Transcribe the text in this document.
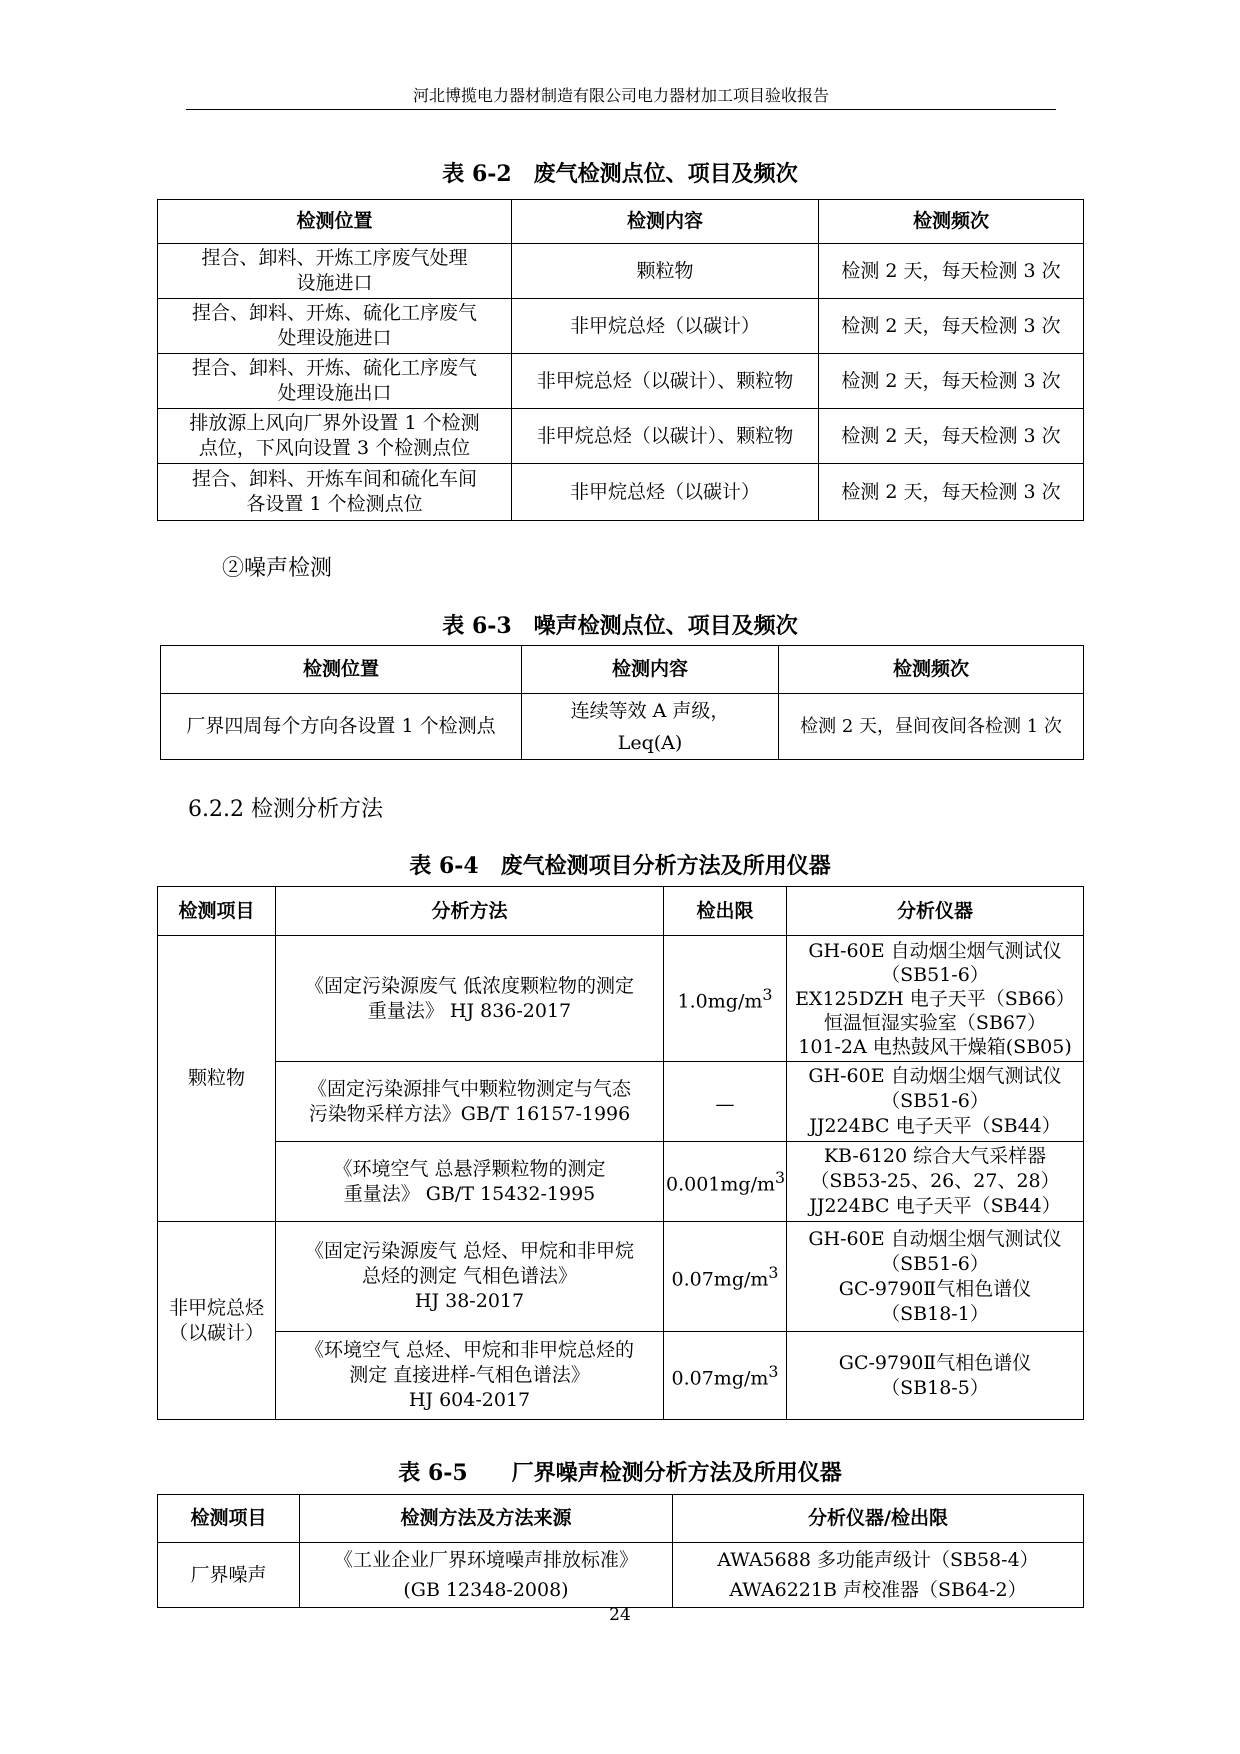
河北博揽电力器材制造有限公司电力器材加工项目验收报告
表 6-2　废气检测点位、项目及频次
检测位置	检测内容	检测频次
捏合、卸料、开炼工序废气处理
设施进口	颗粒物	检测 2 天，每天检测 3 次
捏合、卸料、开炼、硫化工序废气
处理设施进口	非甲烷总烃（以碳计）	检测 2 天，每天检测 3 次
捏合、卸料、开炼、硫化工序废气
处理设施出口	非甲烷总烃（以碳计）、颗粒物	检测 2 天，每天检测 3 次
排放源上风向厂界外设置 1 个检测
点位，下风向设置 3 个检测点位	非甲烷总烃（以碳计）、颗粒物	检测 2 天，每天检测 3 次
捏合、卸料、开炼车间和硫化车间
各设置 1 个检测点位	非甲烷总烃（以碳计）	检测 2 天，每天检测 3 次
②噪声检测
表 6-3　噪声检测点位、项目及频次
检测位置	检测内容	检测频次
厂界四周每个方向各设置 1 个检测点	连续等效 A 声级，
Leq(A)	检测 2 天，昼间夜间各检测 1 次
6.2.2 检测分析方法
表 6-4　废气检测项目分析方法及所用仪器
检测项目	分析方法	检出限	分析仪器
颗粒物	《固定污染源废气 低浓度颗粒物的测定
重量法》 HJ 836-2017	$1.0mg/m^3$	GH-60E 自动烟尘烟气测试仪
（SB51-6）
EX125DZH 电子天平（SB66）
恒温恒湿实验室（SB67）
101-2A 电热鼓风干燥箱(SB05)
	《固定污染源排气中颗粒物测定与气态
污染物采样方法》GB/T 16157-1996	—	GH-60E 自动烟尘烟气测试仪
（SB51-6）
JJ224BC 电子天平（SB44）
	《环境空气 总悬浮颗粒物的测定
重量法》 GB/T 15432-1995	$0.001mg/m^3$	KB-6120 综合大气采样器
（SB53-25、26、27、28）
JJ224BC 电子天平（SB44）
非甲烷总烃
（以碳计）	《固定污染源废气 总烃、甲烷和非甲烷
总烃的测定 气相色谱法》
HJ 38-2017	$0.07mg/m^3$	GH-60E 自动烟尘烟气测试仪
（SB51-6）
GC-9790Ⅱ气相色谱仪
（SB18-1）
	《环境空气 总烃、甲烷和非甲烷总烃的
测定 直接进样-气相色谱法》
HJ 604-2017	$0.07mg/m^3$	GC-9790Ⅱ气相色谱仪
（SB18-5）
表 6-5　　厂界噪声检测分析方法及所用仪器
检测项目	检测方法及方法来源	分析仪器/检出限
厂界噪声	《工业企业厂界环境噪声排放标准》
(GB 12348-2008)	AWA5688 多功能声级计（SB58-4）
AWA6221B 声校准器（SB64-2）
24
